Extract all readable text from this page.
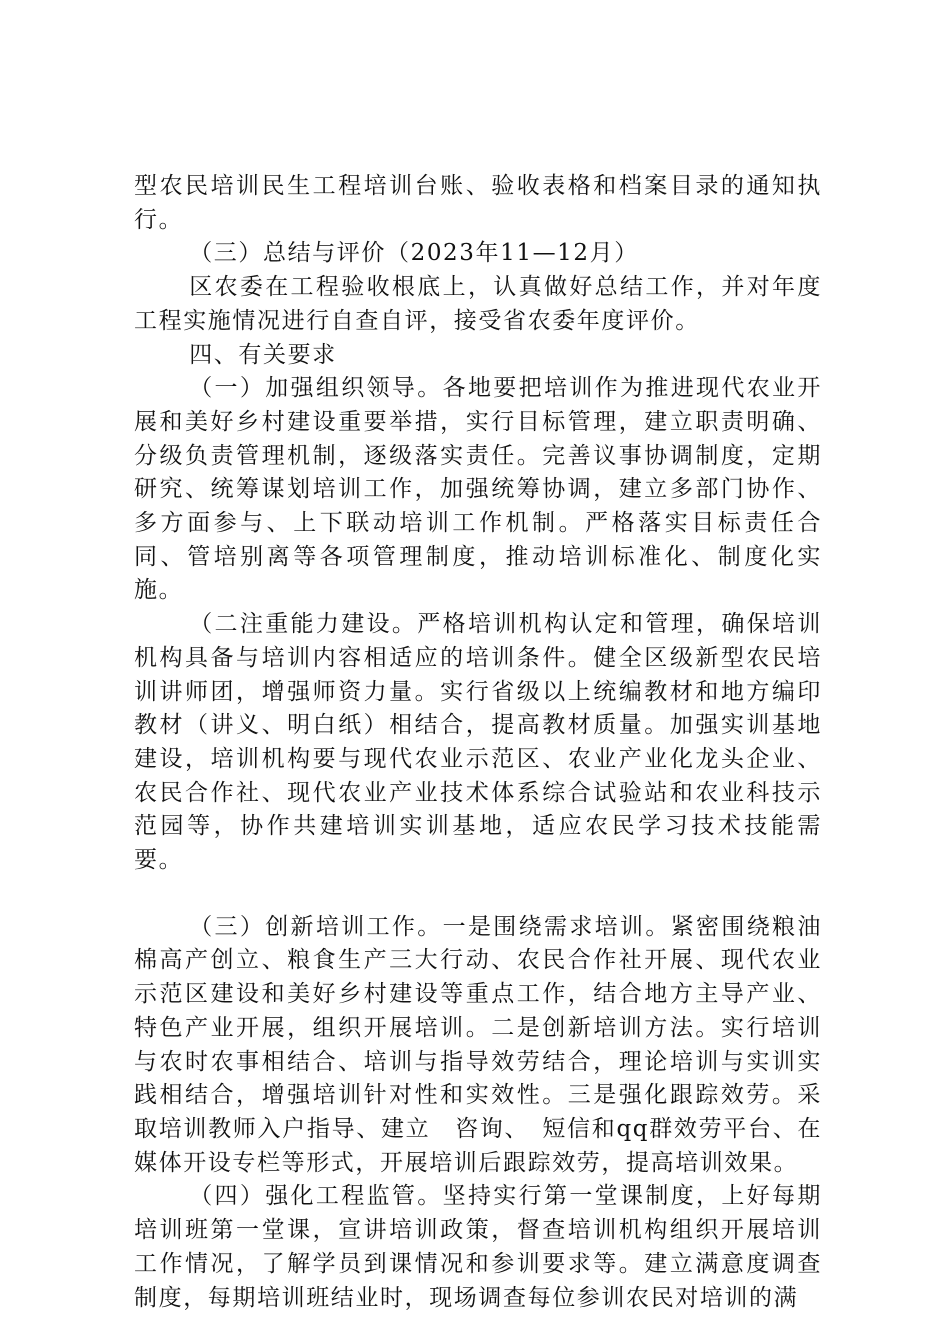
型农民培训民生工程培训台账、验收表格和档案目录的通知执行。

（三）总结与评价（2023年11—12月）

区农委在工程验收根底上，认真做好总结工作，并对年度工程实施情况进行自查自评，接受省农委年度评价。

四、有关要求

（一）加强组织领导。各地要把培训作为推进现代农业开展和美好乡村建设重要举措，实行目标管理，建立职责明确、分级负责管理机制，逐级落实责任。完善议事协调制度，定期研究、统筹谋划培训工作，加强统筹协调，建立多部门协作、多方面参与、上下联动培训工作机制。严格落实目标责任合同、管培别离等各项管理制度，推动培训标准化、制度化实施。

（二注重能力建设。严格培训机构认定和管理，确保培训机构具备与培训内容相适应的培训条件。健全区级新型农民培训讲师团，增强师资力量。实行省级以上统编教材和地方编印教材（讲义、明白纸）相结合，提高教材质量。加强实训基地建设，培训机构要与现代农业示范区、农业产业化龙头企业、农民合作社、现代农业产业技术体系综合试验站和农业科技示范园等，协作共建培训实训基地，适应农民学习技术技能需要。

（三）创新培训工作。一是围绕需求培训。紧密围绕粮油棉高产创立、粮食生产三大行动、农民合作社开展、现代农业示范区建设和美好乡村建设等重点工作，结合地方主导产业、特色产业开展，组织开展培训。二是创新培训方法。实行培训与农时农事相结合、培训与指导效劳结合，理论培训与实训实践相结合，增强培训针对性和实效性。三是强化跟踪效劳。采取培训教师入户指导、建立　咨询、　短信和qq群效劳平台、在媒体开设专栏等形式，开展培训后跟踪效劳，提高培训效果。

（四）强化工程监管。坚持实行第一堂课制度，上好每期培训班第一堂课，宣讲培训政策，督查培训机构组织开展培训工作情况，了解学员到课情况和参训要求等。建立满意度调查制度，每期培训班结业时，现场调查每位参训农民对培训的满
